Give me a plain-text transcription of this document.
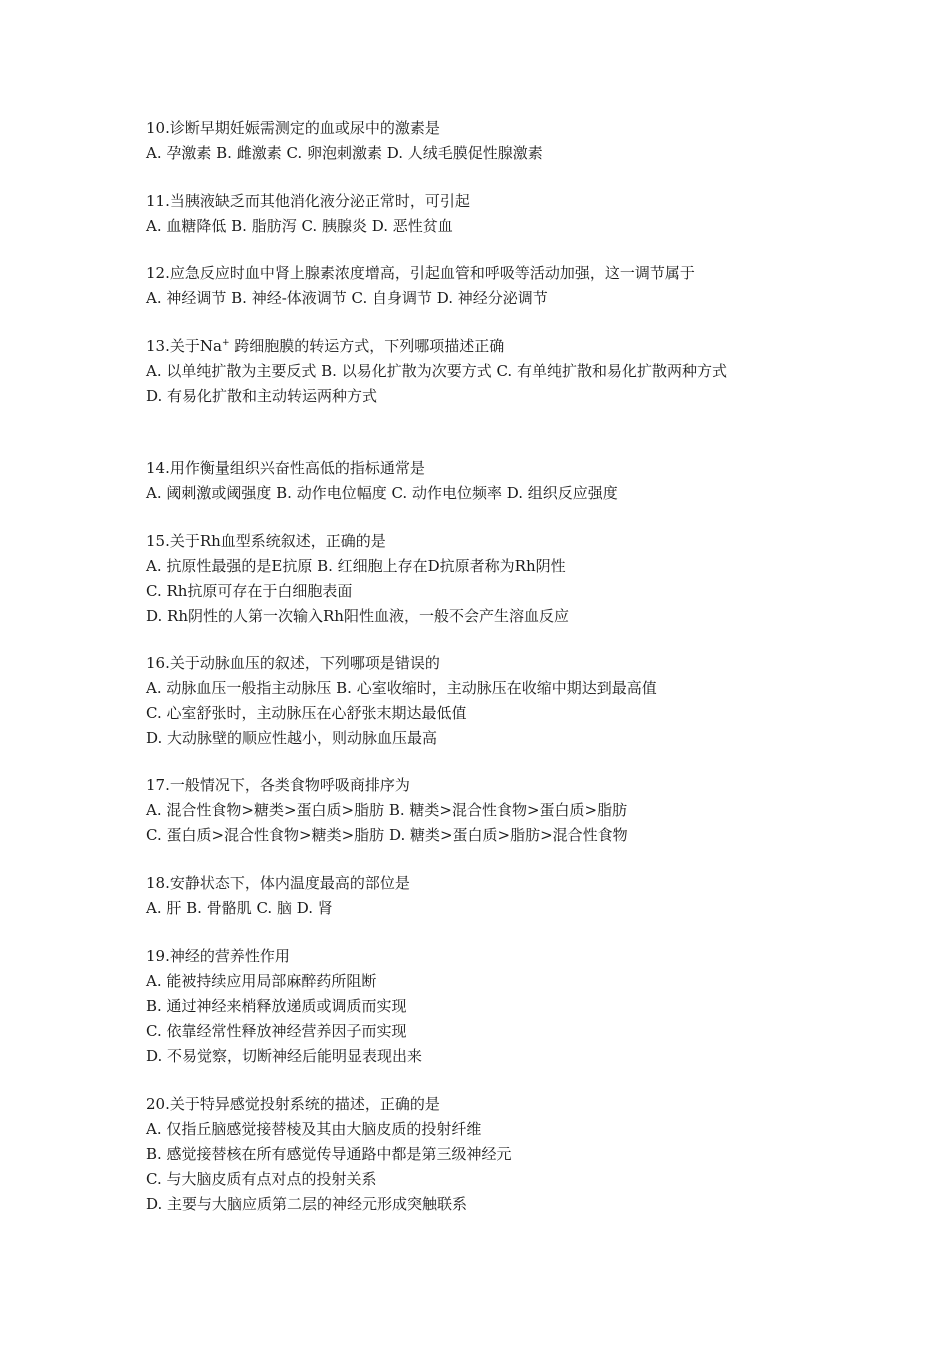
10.诊断早期妊娠需测定的血或尿中的激素是
A. 孕激素 B. 雌激素 C. 卵泡刺激素 D. 人绒毛膜促性腺激素
11.当胰液缺乏而其他消化液分泌正常时，可引起
A. 血糖降低 B. 脂肪泻 C. 胰腺炎 D. 恶性贫血
12.应急反应时血中肾上腺素浓度增高，引起血管和呼吸等活动加强，这一调节属于
A. 神经调节 B. 神经-体液调节 C. 自身调节 D. 神经分泌调节
13.关于Na+ 跨细胞膜的转运方式，下列哪项描述正确
A. 以单纯扩散为主要反式 B. 以易化扩散为次要方式 C. 有单纯扩散和易化扩散两种方式
D. 有易化扩散和主动转运两种方式
14.用作衡量组织兴奋性高低的指标通常是
A. 阈刺激或阈强度 B. 动作电位幅度 C. 动作电位频率 D. 组织反应强度
15.关于Rh血型系统叙述，正确的是
A. 抗原性最强的是E抗原 B. 红细胞上存在D抗原者称为Rh阴性
C. Rh抗原可存在于白细胞表面
D. Rh阴性的人第一次输入Rh阳性血液，一般不会产生溶血反应
16.关于动脉血压的叙述，下列哪项是错误的
A. 动脉血压一般指主动脉压 B. 心室收缩时，主动脉压在收缩中期达到最高值
C. 心室舒张时，主动脉压在心舒张末期达最低值
D. 大动脉壁的顺应性越小，则动脉血压最高
17.一般情况下，各类食物呼吸商排序为
A. 混合性食物>糖类>蛋白质>脂肪 B. 糖类>混合性食物>蛋白质>脂肪
C. 蛋白质>混合性食物>糖类>脂肪 D. 糖类>蛋白质>脂肪>混合性食物
18.安静状态下，体内温度最高的部位是
A. 肝 B. 骨骼肌 C. 脑 D. 肾
19.神经的营养性作用
A. 能被持续应用局部麻醉药所阻断
B. 通过神经来梢释放递质或调质而实现
C. 依靠经常性释放神经营养因子而实现
D. 不易觉察，切断神经后能明显表现出来
20.关于特异感觉投射系统的描述，正确的是
A. 仅指丘脑感觉接替棱及其由大脑皮质的投射纤维
B. 感觉接替核在所有感觉传导通路中都是第三级神经元
C. 与大脑皮质有点对点的投射关系
D. 主要与大脑应质第二层的神经元形成突触联系
